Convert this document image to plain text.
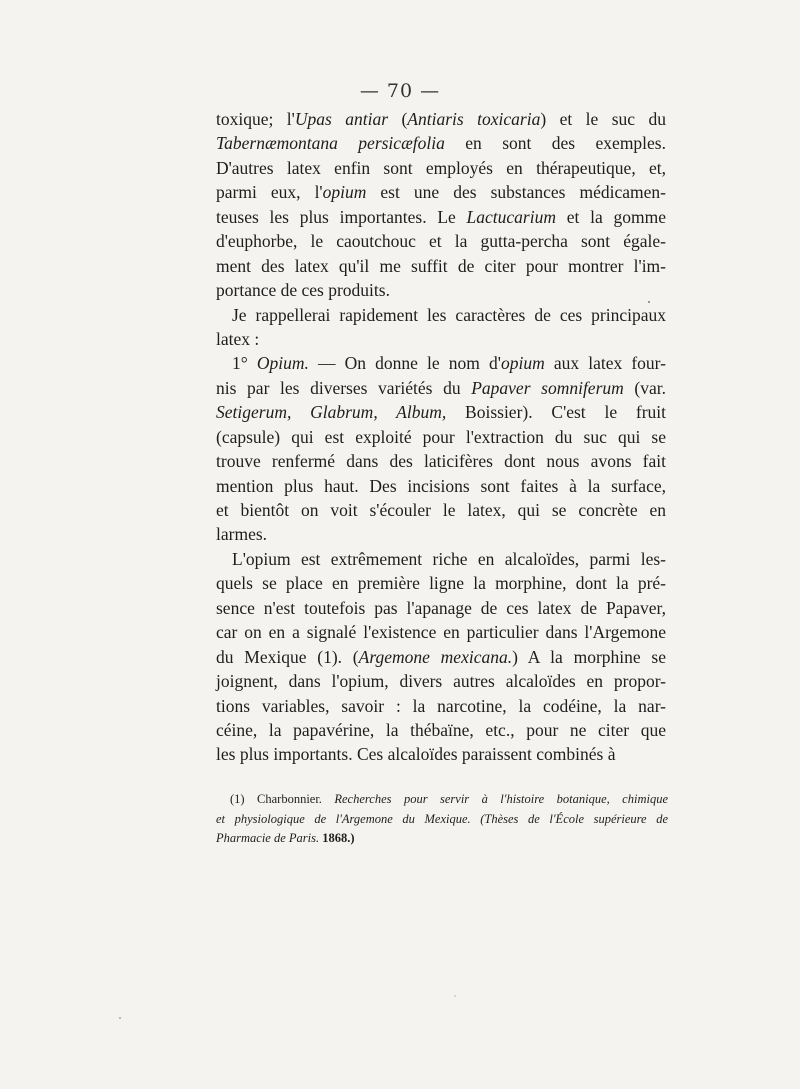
— 70 —
toxique; l'Upas antiar (Antiaris toxicaria) et le suc du
Tabernæmontana persicæfolia en sont des exemples.
D'autres latex enfin sont employés en thérapeutique, et,
parmi eux, l'opium est une des substances médicamen-
teuses les plus importantes. Le Lactucarium et la gomme
d'euphorbe, le caoutchouc et la gutta-percha sont égale-
ment des latex qu'il me suffit de citer pour montrer l'im-
portance de ces produits.
Je rappellerai rapidement les caractères de ces principaux
latex :
1° Opium. — On donne le nom d'opium aux latex four-
nis par les diverses variétés du Papaver somniferum (var.
Setigerum, Glabrum, Album, Boissier). C'est le fruit
(capsule) qui est exploité pour l'extraction du suc qui se
trouve renfermé dans des laticifères dont nous avons fait
mention plus haut. Des incisions sont faites à la surface,
et bientôt on voit s'écouler le latex, qui se concrète en
larmes.
L'opium est extrêmement riche en alcaloïdes, parmi les-
quels se place en première ligne la morphine, dont la pré-
sence n'est toutefois pas l'apanage de ces latex de Papaver,
car on en a signalé l'existence en particulier dans l'Argemone
du Mexique (1). (Argemone mexicana.) A la morphine se
joignent, dans l'opium, divers autres alcaloïdes en propor-
tions variables, savoir : la narcotine, la codéine, la nar-
céine, la papavérine, la thébaïne, etc., pour ne citer que
les plus importants. Ces alcaloïdes paraissent combinés à
(1) Charbonnier. Recherches pour servir à l'histoire botanique, chimique
et physiologique de l'Argemone du Mexique. (Thèses de l'École supérieure de
Pharmacie de Paris. 1868.)
